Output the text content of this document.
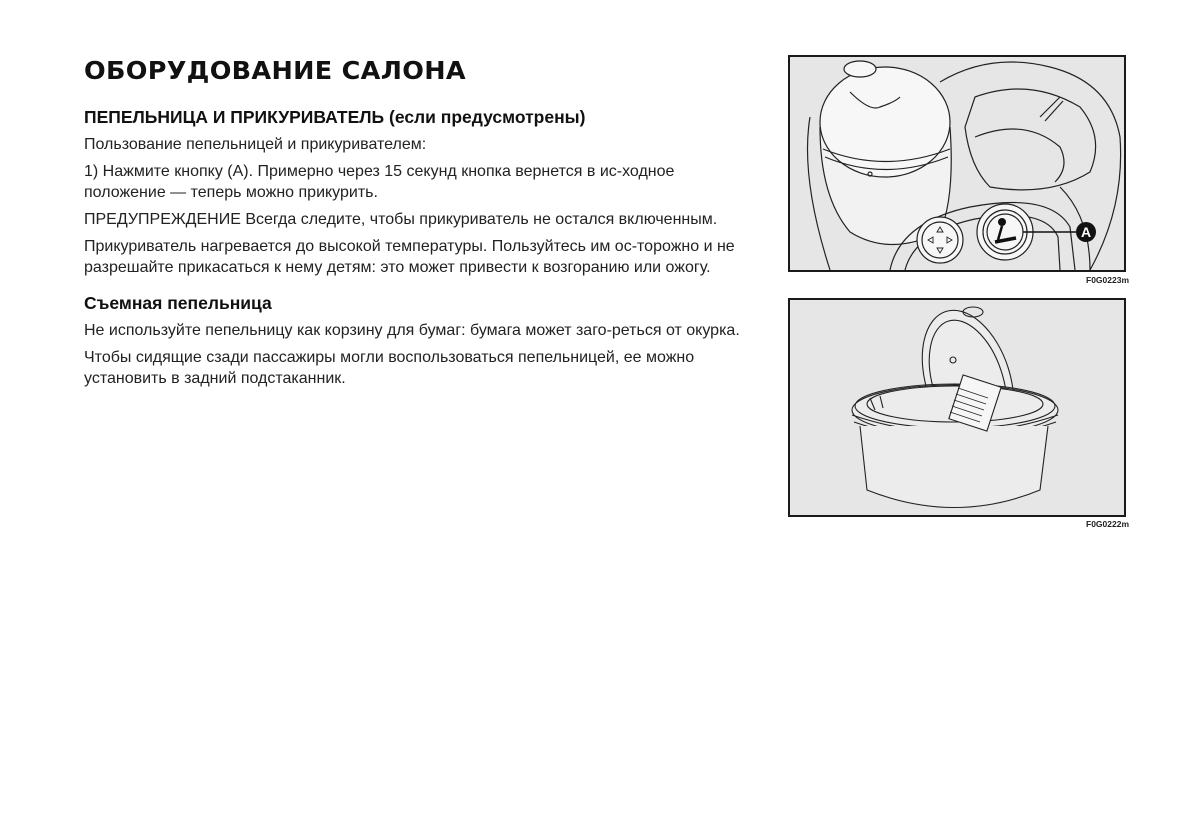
ОБОРУДОВАНИЕ САЛОНА
ПЕПЕЛЬНИЦА И ПРИКУРИВАТЕЛЬ (если предусмотрены)

Пользование пепельницей и прикуривателем:

1) Нажмите кнопку (A). Примерно через 15 секунд кнопка вернется в ис-ходное положение — теперь можно прикурить.

ПРЕДУПРЕЖДЕНИЕ Всегда следите, чтобы прикуриватель не остался включенным.

Прикуриватель нагревается до высокой температуры. Пользуйтесь им ос-торожно и не разрешайте прикасаться к нему детям: это может привести к возгоранию или ожогу.

Съемная пепельница

Не используйте пепельницу как корзину для бумаг: бумага может заго-реться от окурка.

Чтобы сидящие сзади пассажиры могли воспользоваться пепельницей, ее можно установить в задний подстаканник.

A
F0G0223m
F0G0222m
